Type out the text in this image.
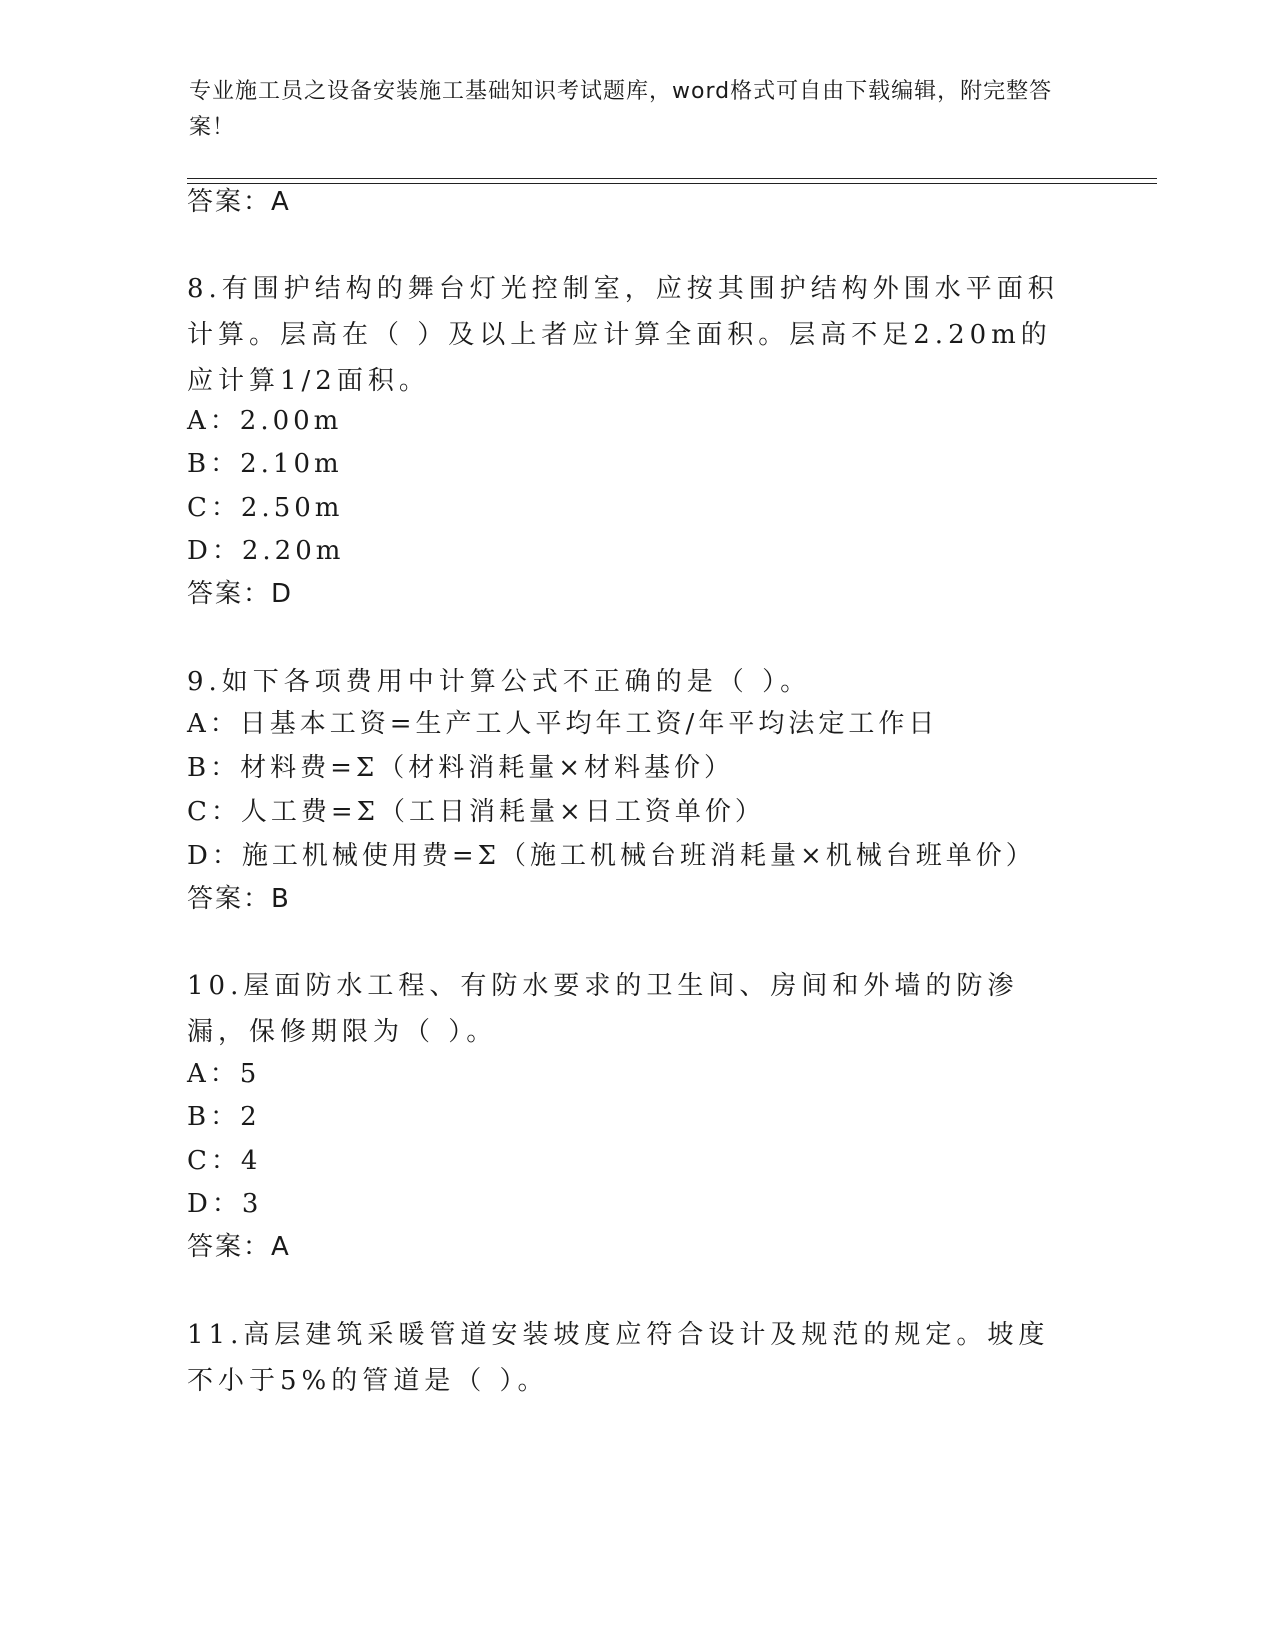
专业施工员之设备安装施工基础知识考试题库，word格式可自由下载编辑，附完整答案！
答案：A
8.有围护结构的舞台灯光控制室，应按其围护结构外围水平面积计算。层高在（ ）及以上者应计算全面积。层高不足2.20m的应计算1/2面积。
A：2.00m
B：2.10m
C：2.50m
D：2.20m
答案：D
9.如下各项费用中计算公式不正确的是（ ）。
A：日基本工资=生产工人平均年工资/年平均法定工作日
B：材料费=Σ（材料消耗量×材料基价）
C：人工费=Σ（工日消耗量×日工资单价）
D：施工机械使用费=Σ（施工机械台班消耗量×机械台班单价）
答案：B
10.屋面防水工程、有防水要求的卫生间、房间和外墙的防渗漏，保修期限为（ ）。
A：5
B：2
C：4
D：3
答案：A
11.高层建筑采暖管道安装坡度应符合设计及规范的规定。坡度不小于5%的管道是（ ）。
